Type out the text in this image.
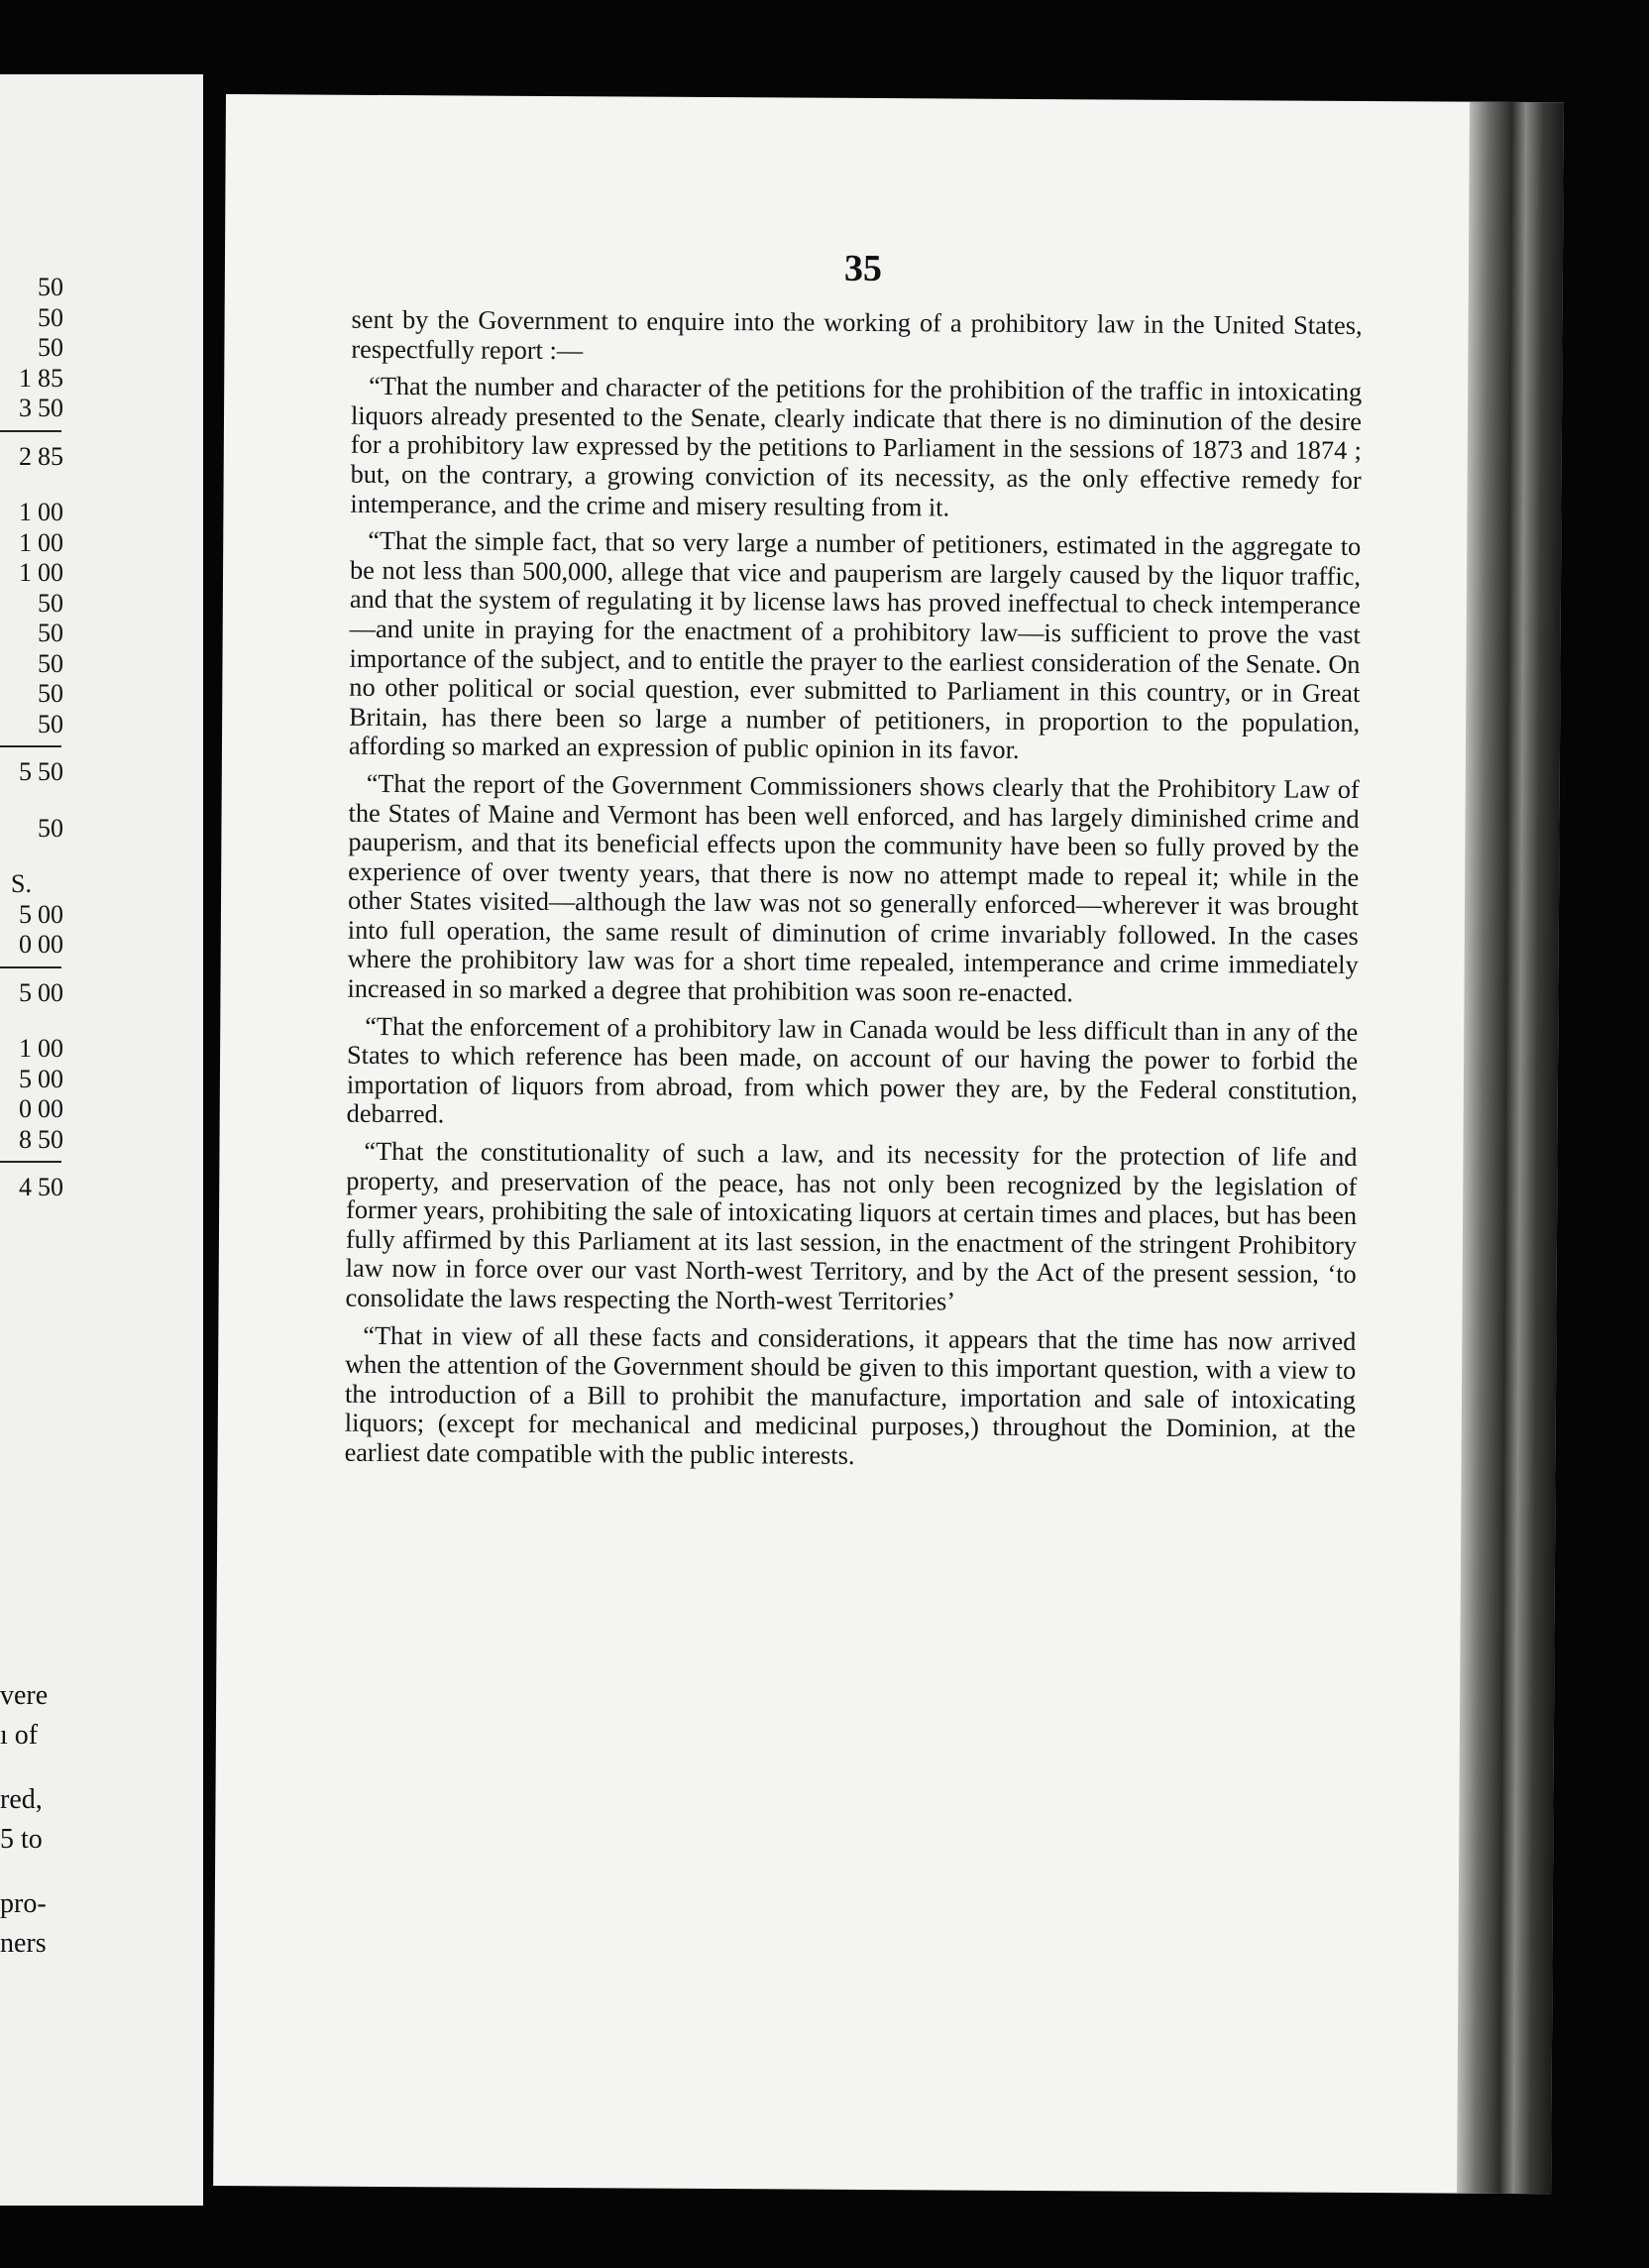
50
50
50
1 85
3 50
2 85
1 00
1 00
1 00
50
50
50
50
50
5 50
50
S.
5 00
0 00
5 00
1 00
5 00
0 00
8 50
4 50
vere
ı of
red,
5 to
pro-
ners
35

sent by the Government to enquire into the working of a prohibitory law in the United States, respectfully report :—

“That the number and character of the petitions for the prohibition of the traffic in intoxicating liquors already presented to the Senate, clearly indicate that there is no diminution of the desire for a prohibitory law expressed by the petitions to Parliament in the sessions of 1873 and 1874 ; but, on the contrary, a growing conviction of its necessity, as the only effective remedy for intemperance, and the crime and misery resulting from it.

“That the simple fact, that so very large a number of petitioners, estimated in the aggregate to be not less than 500,000, allege that vice and pauperism are largely caused by the liquor traffic, and that the system of regulating it by license laws has proved ineffectual to check intemperance—and unite in praying for the enactment of a prohibitory law—is sufficient to prove the vast importance of the subject, and to entitle the prayer to the earliest consideration of the Senate. On no other political or social question, ever submitted to Parliament in this country, or in Great Britain, has there been so large a number of petitioners, in proportion to the population, affording so marked an expression of public opinion in its favor.

“That the report of the Government Commissioners shows clearly that the Prohibitory Law of the States of Maine and Vermont has been well enforced, and has largely diminished crime and pauperism, and that its beneficial effects upon the community have been so fully proved by the experience of over twenty years, that there is now no attempt made to repeal it; while in the other States visited—although the law was not so generally enforced—wherever it was brought into full operation, the same result of diminution of crime invariably followed. In the cases where the prohibitory law was for a short time repealed, intemperance and crime immediately increased in so marked a degree that prohibition was soon re-enacted.

“That the enforcement of a prohibitory law in Canada would be less difficult than in any of the States to which reference has been made, on account of our having the power to forbid the importation of liquors from abroad, from which power they are, by the Federal constitution, debarred.

“That the constitutionality of such a law, and its necessity for the protection of life and property, and preservation of the peace, has not only been recognized by the legislation of former years, prohibiting the sale of intoxicating liquors at certain times and places, but has been fully affirmed by this Parliament at its last session, in the enactment of the stringent Prohibitory law now in force over our vast North-west Territory, and by the Act of the present session, ‘to consolidate the laws respecting the North-west Territories’

“That in view of all these facts and considerations, it appears that the time has now arrived when the attention of the Government should be given to this important question, with a view to the introduction of a Bill to prohibit the manufacture, importation and sale of intoxicating liquors; (except for mechanical and medicinal purposes,) throughout the Dominion, at the earliest date compatible with the public interests.
